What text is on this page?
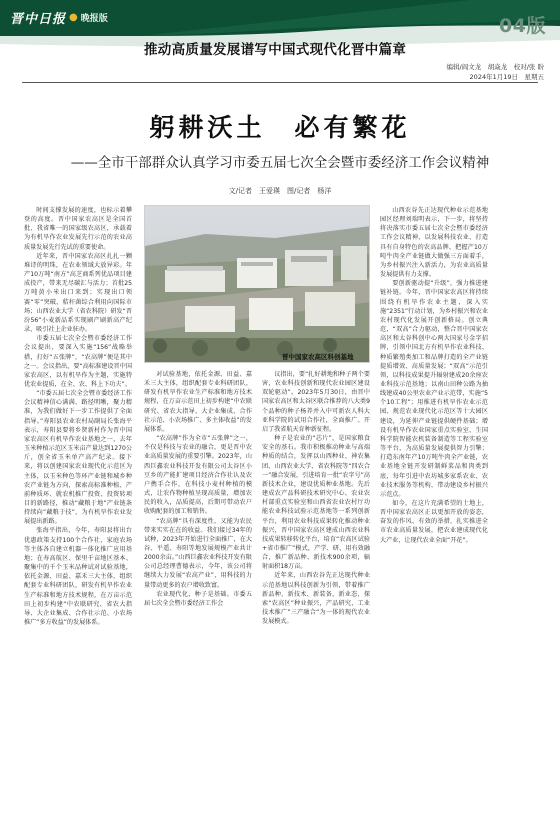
晋中日报 ● 晚报版
推动高质量发展谱写中国式现代化晋中篇章
04版
编辑/阎文龙　胡焱龙　校对/张 盼
2024年1月19日　星期五
躬耕沃土　必有繁花
——全市干部群众认真学习市委五届七次全会暨市委经济工作会议精神
文/记者　王爱瑛　图/记者　杨洋
晋中国家农高区科创基地

时间支撑发展的速度，也标示着攀登的高度。晋中国家农高区是全国首批、我省唯一的国家级农高区，承载着为有机旱作农业发展先行示范的农业高质量发展先行先试的重要使命。

近年来，晋中国家农高区扎扎一颗堆诗的明珠，在农业领域大放异彩。年产10万吨“南方”高芝商系列优品项目建成投产，带来无尽碳汇与活力；首批25万吨黄小米出口来到；实现出口领赛“零”突破，秸秆菌综合利用向国际市场；山西农业大学（省农科院）研发“晋汾56”小麦新品系实现刷产刷新高产纪录，吸引社上企业驻办。

市委五届七次全会暨市委经济工作会议提出，要深入实施“156”战略举措，打好“五张牌”，“农高牌”便是其中之一。会议指出，要“高标准建设晋中国家农高区，以有机旱作为主题，实施特优农业提质，在全、农、科上下功夫”。

“市委五届七次全会暨市委经济工作会议精神信心满满、路径明晰，聚力精准，为我们做好下一步工作提供了全面指导。”寿阳县农业农村局副局长张海平表示，寿阳县要将乡贤新村作为晋中国家农高区有机旱作农业基地之一，去年玉米种植示范区玉米亩产量达到1270公斤，创全省玉米单产高产纪录。接下来，将以创建国家农业现代化示范区为主体，以玉米种色等环产业链和城乡种农产业链为方向，探索高标准种植、产前种质环、就农机推广投资、投资转项目的新路径，推动“藏粮于地”产业链条持续向“藏粮于技”，为有机旱作农业发展提出新路。

张海平指出，今年，寿阳县将出台优惠政策支持100个合作社，家庭农场等主体各自建立机器一体化推广应用基地；在寿高航区、保里千亩地区基本、聚集中的千个玉米品种试对试验基地，依托金源、田益、嘉禾三大主体，组织配套专业科研团队，研发有机旱作农业生产标准和地方技术规程，在万亩示范田上初步构建“中农联研究、省农大指导、大企业集成、合作社示范、小农场推广”多方收益”的发展体系。

对试验基地，依托金源、田益、嘉禾三大主体，组织配套专业科研团队，研发有机旱作农业生产标准和地方技术规程，在万亩示范田上初步构建“中农联研究、省农大指导、大企业集成、合作社示范、小农场推广、多主体收益”的发展体系。

“农高牌”作为全市“五张牌”之一，不仅是科技与农业的融合，更是晋中农业高质量发展的重要引擎。2023年，山西巨鑫农业科技开发有限公司太谷区小豆乡的产能扩建项目经济合作社认及农户携手合作，在科技小麦村种植的模式，让农作物种植呈现高质量，增加农民的收入，品质提高，后期可带动农户收购配套的加工和销售。

“农高牌”具有深度性，又能为农民带来实实在在的收益。我们接过34年的试种，2023年开始进行全面推广，在大谷、平遥、寿阳等地发展规模产业共计2000余亩。”山西巨鑫农业科技开发有限公司总经理曹德表示，今年，该公司将继续大力发展“农高产业”，用科技的力量带动更多的农户增收致富。

农业现代化，种子是基础。市委五届七次全会暨市委经济工作会

议指出，要“扎好耕地和种子两个要害，农业科技创新和现代农业园区建设双轮驱动”。2023年5月30日，由晋中国家农高区和太谷区联合推荐的八大类9个品种的种子杨养并入中可新农人科大亚科学院的试用合作社，全面推广。开启了我省航天育种新征程。

种子是农业的“芯片”，是国家粮食安全的基石。我市积极推动种业与高端种质的结合，发挥以山西种业、神农集团、山西农业大学、省农科院等“四农合一”融合发展，引进培育一批“农字号”高新技术企业，建设优质种业基地。先后建成农产品科研技术研究中心、农业农村部重点实验室和山西省农业农村厅功能农业科技试验示范基地等一系列创新平台，利用农业科技成果转化推动种业振兴，晋中国家农高区建成山西农业科技成果转移转化平台，培育“农高区试验+省市推广”模式，产学、研、用有效融合，推广新品种、新技术900余项，辐射面积18万亩。

近年来，山西农谷先正达现代种业示范基地以科技创新为引领，带着推广新品种、新技术、新装备、新业态，探索“农高区”种业振兴，产品研究，工业技术推广”三产融合“为一体的现代农业发展模式。

山西农谷先正达现代种业示范基地园区经理刘瑞明表示，下一步，将坚持将决落实市委五届七次全会暨市委经济工作会议精神，以发展科技农业、打造具有自身特色的农高品牌、把握产10万吨牛肉全产业链做大做强三方面着手，为乡村振兴注入新活力，为农业高质量发展提供有力支撑。

要创新驱动提“升级”，强力推进建链补链。今年，晋中国家农高区将持续围绕有机旱作农业主题，深入实施“2351”行动计划，为乡村振兴和农业农村现代化发展开创新格局。创立典范，“双高”合力驱动，整合晋中国家农高区和太谷科创中心两大国家号金字招牌，引领中国北方有机旱作农业科技、种质繁殖类加工和品牌打造的全产业链提质增效、高质量发展；“双高”示范引领，以科技成果提升辐射建成20余座农业科技示范基地；以南山田种公路为抽线建成40公里农业产业示范带，实施“5个10工程”；用推进有机旱作农业示范园、规范农业现代化示范区等十大园区建设，为延伸产业链提供硬件基础；增设有机旱作农业国家重点实验室、生国科学院智能农机装备制造等工程实验室等平台，为高质量发展提供智力引擎；打造东南年产10万吨牛肉全产业链，农业基地全链开发研制鲜菜品和肉类到底，每年引进中农坊城多家系农业、农业技术服务等机构，带动建设乡村振兴示范点。

如今，在这片充满希望的土地上，晋中国家农高区正以更加开放的姿态，奋发的作风、有效的举措，扎实推进全市农业高质量发展，把农业建成现代化大产业，让现代农业全面“开花”。
